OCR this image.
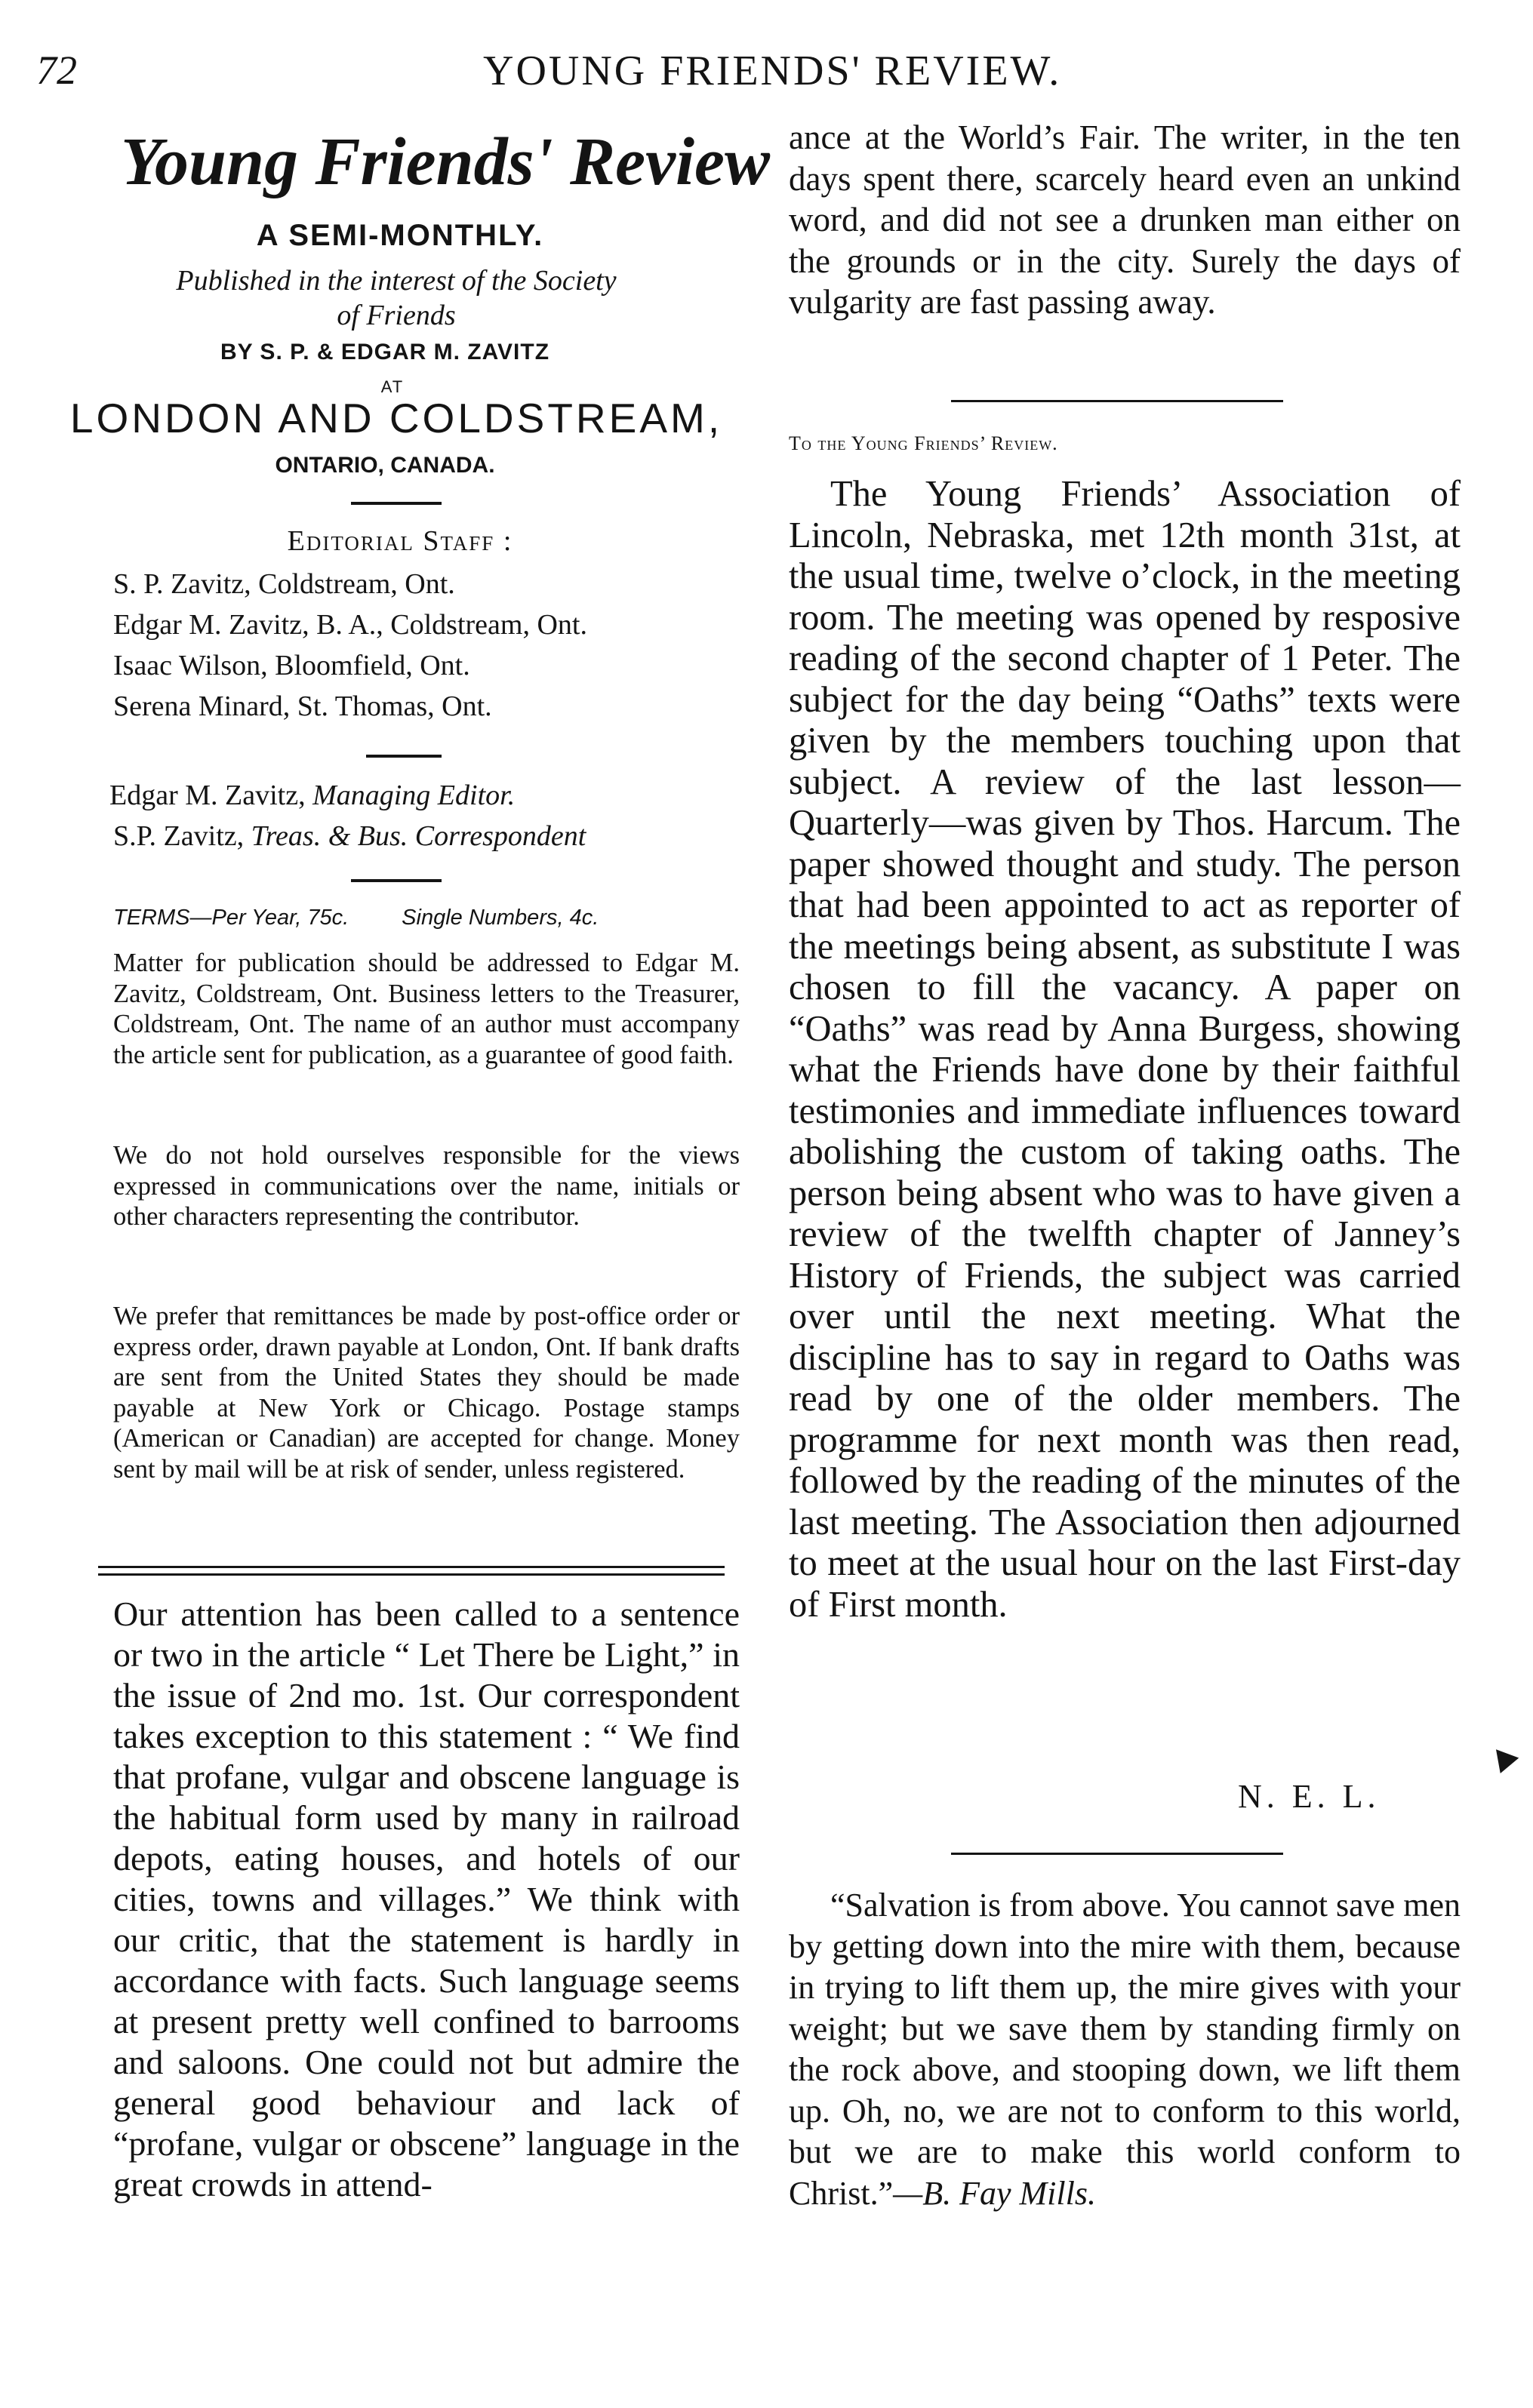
72	YOUNG FRIENDS' REVIEW.
Young Friends' Review
A SEMI-MONTHLY.
Published in the interest of the Society
of Friends
BY S. P. & EDGAR M. ZAVITZ
AT
LONDON AND COLDSTREAM,
ONTARIO, CANADA.
Editorial Staff :
S. P. Zavitz, Coldstream, Ont.
Edgar M. Zavitz, B. A., Coldstream, Ont.
Isaac Wilson, Bloomfield, Ont.
Serena Minard, St. Thomas, Ont.
Edgar M. Zavitz, Managing Editor.
S.P. Zavitz, Treas. & Bus. Correspondent
TERMS—Per Year, 75c. Single Numbers, 4c.

Matter for publication should be addressed to Edgar M. Zavitz, Coldstream, Ont. Business letters to the Treasurer, Coldstream, Ont. The name of an author must accompany the article sent for publication, as a guarantee of good faith.

We do not hold ourselves responsible for the views expressed in communications over the name, initials or other characters representing the contributor.

We prefer that remittances be made by post-office order or express order, drawn payable at London, Ont. If bank drafts are sent from the United States they should be made payable at New York or Chicago. Postage stamps (American or Canadian) are accepted for change. Money sent by mail will be at risk of sender, unless registered.

Our attention has been called to a sentence or two in the article “ Let There be Light,” in the issue of 2nd mo. 1st. Our correspondent takes exception to this statement : “ We find that profane, vulgar and obscene language is the habitual form used by many in railroad depots, eating houses, and hotels of our cities, towns and villages.” We think with our critic, that the statement is hardly in accordance with facts. Such language seems at present pretty well confined to barrooms and saloons. One could not but admire the general good behaviour and lack of “profane, vulgar or obscene” language in the great crowds in attend-

ance at the World’s Fair. The writer, in the ten days spent there, scarcely heard even an unkind word, and did not see a drunken man either on the grounds or in the city. Surely the days of vulgarity are fast passing away.

To the Young Friends’ Review.

The Young Friends’ Association of Lincoln, Nebraska, met 12th month 31st, at the usual time, twelve o’clock, in the meeting room. The meeting was opened by resposive reading of the second chapter of 1 Peter. The subject for the day being “Oaths” texts were given by the members touching upon that subject. A review of the last lesson—Quarterly—was given by Thos. Harcum. The paper showed thought and study. The person that had been appointed to act as reporter of the meetings being absent, as substitute I was chosen to fill the vacancy. A paper on “Oaths” was read by Anna Burgess, showing what the Friends have done by their faithful testimonies and immediate influences toward abolishing the custom of taking oaths. The person being absent who was to have given a review of the twelfth chapter of Janney’s History of Friends, the subject was carried over until the next meeting. What the discipline has to say in regard to Oaths was read by one of the older members. The programme for next month was then read, followed by the reading of the minutes of the last meeting. The Association then adjourned to meet at the usual hour on the last First-day of First month.

N. E. L.

“Salvation is from above. You cannot save men by getting down into the mire with them, because in trying to lift them up, the mire gives with your weight; but we save them by standing firmly on the rock above, and stooping down, we lift them up. Oh, no, we are not to conform to this world, but we are to make this world conform to Christ.”—B. Fay Mills.
